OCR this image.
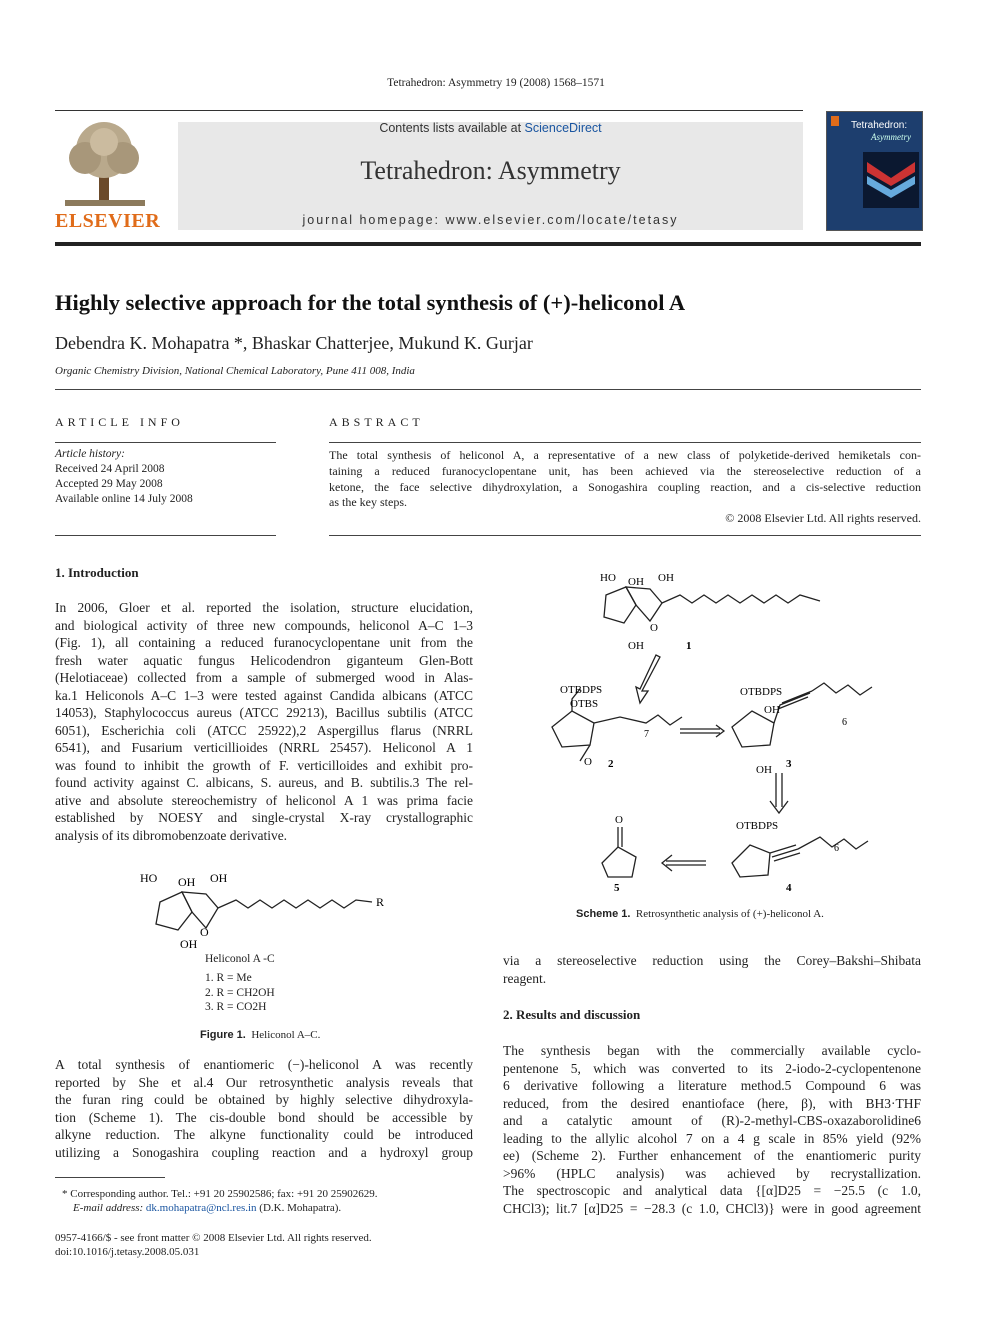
Tetrahedron: Asymmetry 19 (2008) 1568–1571
ELSEVIER
Contents lists available at ScienceDirect
Tetrahedron: Asymmetry
journal homepage: www.elsevier.com/locate/tetasy
Tetrahedron:
Asymmetry
Highly selective approach for the total synthesis of (+)-heliconol A
Debendra K. Mohapatra *, Bhaskar Chatterjee, Mukund K. Gurjar
Organic Chemistry Division, National Chemical Laboratory, Pune 411 008, India
ARTICLE INFO
Article history:
Received 24 April 2008
Accepted 29 May 2008
Available online 14 July 2008
ABSTRACT
The total synthesis of heliconol A, a representative of a new class of polyketide-derived hemiketals con-
taining a reduced furanocyclopentane unit, has been achieved via the stereoselective reduction of a
ketone, the face selective dihydroxylation, a Sonogashira coupling reaction, and a cis-selective reduction
as the key steps.
© 2008 Elsevier Ltd. All rights reserved.
1. Introduction
In 2006, Gloer et al. reported the isolation, structure elucidation,
and biological activity of three new compounds, heliconol A–C 1–3
(Fig. 1), all containing a reduced furanocyclopentane unit from the
fresh water aquatic fungus Helicodendron giganteum Glen-Bott
(Helotiaceae) collected from a sample of submerged wood in Alas-
ka.1 Heliconols A–C 1–3 were tested against Candida albicans (ATCC
14053), Staphylococcus aureus (ATCC 29213), Bacillus subtilis (ATCC
6051), Escherichia coli (ATCC 25922),2 Aspergillus flarus (NRRL
6541), and Fusarium verticillioides (NRRL 25457). Heliconol A 1
was found to inhibit the growth of F. verticilloides and exhibit pro-
found activity against C. albicans, S. aureus, and B. subtilis.3 The rel-
ative and absolute stereochemistry of heliconol A 1 was prima facie
established by NOESY and single-crystal X-ray crystallographic
analysis of its dibromobenzoate derivative.
HO OH OH
O
OH
R
Heliconol A -C
1. R = Me
2. R = CH2OH
3. R = CO2H
Figure 1. Heliconol A–C.
A total synthesis of enantiomeric (−)-heliconol A was recently
reported by She et al.4 Our retrosynthetic analysis reveals that
the furan ring could be obtained by highly selective dihydroxyla-
tion (Scheme 1). The cis-double bond should be accessible by
alkyne reduction. The alkyne functionality could be introduced
utilizing a Sonogashira coupling reaction and a hydroxyl group
HO OH OH
O
OH	1
OTBDPS
OTBS
O
7
2
OTBDPS
OH
OH
6
3
OTBDPS
6
4
O
5
Scheme 1. Retrosynthetic analysis of (+)-heliconol A.
via a stereoselective reduction using the Corey–Bakshi–Shibata
reagent.
2. Results and discussion
The synthesis began with the commercially available cyclo-
pentenone 5, which was converted to its 2-iodo-2-cyclopentenone
6 derivative following a literature method.5 Compound 6 was
reduced, from the desired enantioface (here, β), with BH3·THF
and a catalytic amount of (R)-2-methyl-CBS-oxazaborolidine6
leading to the allylic alcohol 7 on a 4 g scale in 85% yield (92%
ee) (Scheme 2). Further enhancement of the enantiomeric purity
>96% (HPLC analysis) was achieved by recrystallization.
The spectroscopic and analytical data {[α]D25 = −25.5 (c 1.0,
CHCl3); lit.7 [α]D25 = −28.3 (c 1.0, CHCl3)} were in good agreement
* Corresponding author. Tel.: +91 20 25902586; fax: +91 20 25902629.
E-mail address: dk.mohapatra@ncl.res.in (D.K. Mohapatra).
0957-4166/$ - see front matter © 2008 Elsevier Ltd. All rights reserved.
doi:10.1016/j.tetasy.2008.05.031
